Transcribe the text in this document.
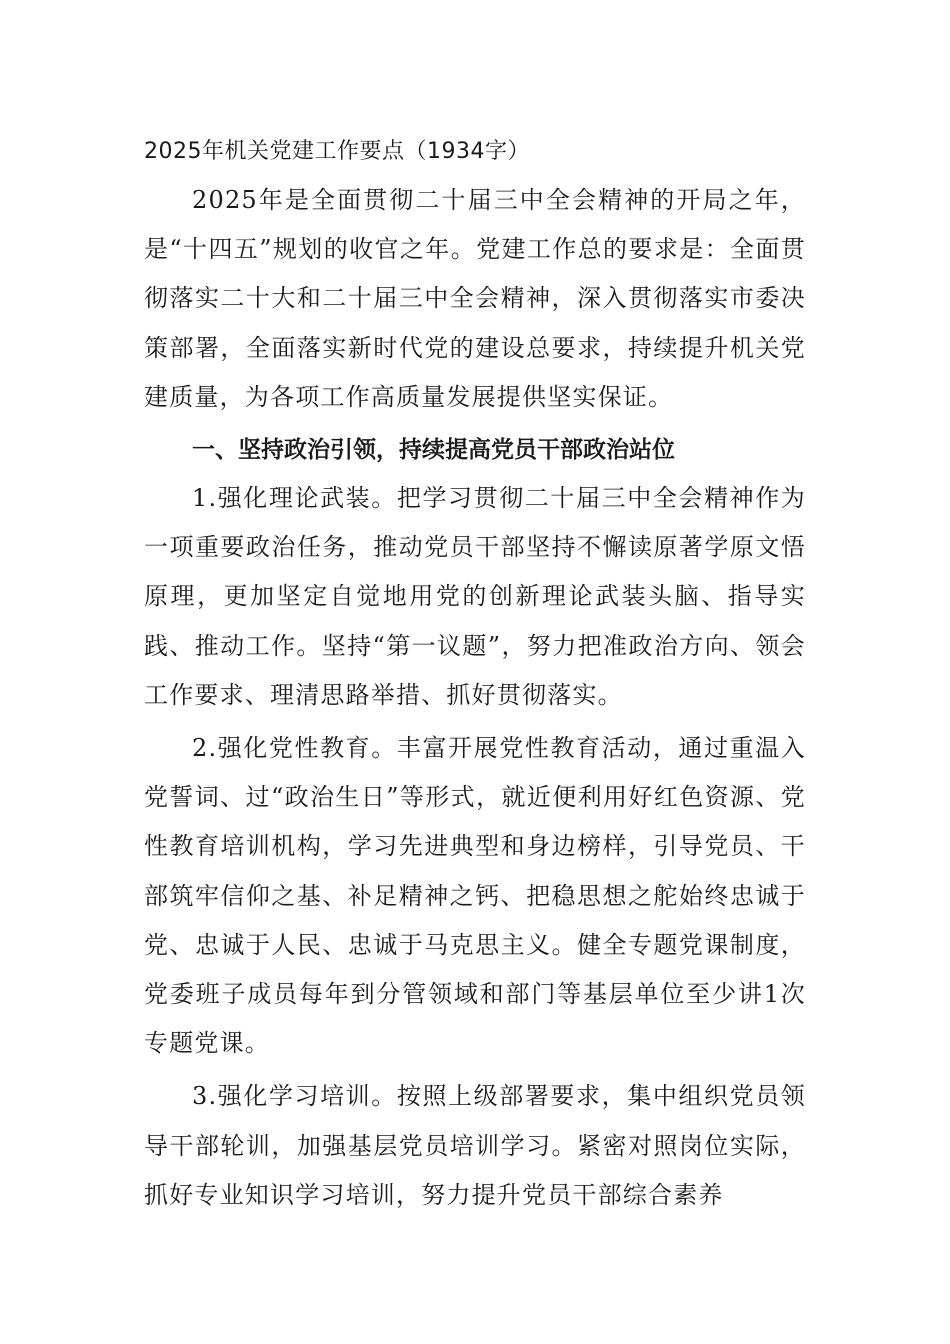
2025年机关党建工作要点（1934字）

2025年是全面贯彻二十届三中全会精神的开局之年，是“十四五”规划的收官之年。党建工作总的要求是：全面贯彻落实二十大和二十届三中全会精神，深入贯彻落实市委决策部署，全面落实新时代党的建设总要求，持续提升机关党建质量，为各项工作高质量发展提供坚实保证。

一、坚持政治引领，持续提高党员干部政治站位

1.强化理论武装。把学习贯彻二十届三中全会精神作为一项重要政治任务，推动党员干部坚持不懈读原著学原文悟原理，更加坚定自觉地用党的创新理论武装头脑、指导实践、推动工作。坚持“第一议题”，努力把准政治方向、领会工作要求、理清思路举措、抓好贯彻落实。

2.强化党性教育。丰富开展党性教育活动，通过重温入党誓词、过“政治生日”等形式，就近便利用好红色资源、党性教育培训机构，学习先进典型和身边榜样，引导党员、干部筑牢信仰之基、补足精神之钙、把稳思想之舵始终忠诚于党、忠诚于人民、忠诚于马克思主义。健全专题党课制度，党委班子成员每年到分管领域和部门等基层单位至少讲1次专题党课。

3.强化学习培训。按照上级部署要求，集中组织党员领导干部轮训，加强基层党员培训学习。紧密对照岗位实际，抓好专业知识学习培训，努力提升党员干部综合素养
